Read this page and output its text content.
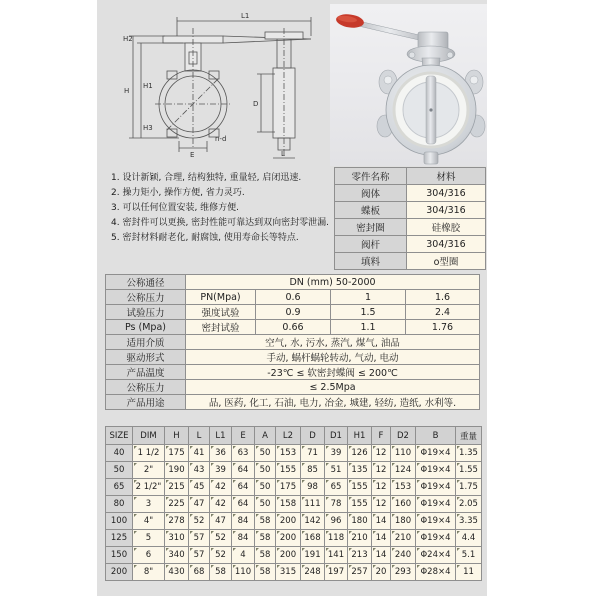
L1
H2
H1
H
H3
E
n-d
D
L
1. 设计新颖, 合理, 结构独特, 重量轻, 启闭迅速.
2. 操力矩小, 操作方便, 省力灵巧.
3. 可以任何位置安装, 维修方便.
4. 密封件可以更换, 密封性能可靠达到双向密封零泄漏.
5. 密封材料耐老化, 耐腐蚀, 使用寿命长等特点.
零件名称	材料
阀体	304/316
蝶板	304/316
密封圈	硅橡胶
阀杆	304/316
填料	o型圈
公称通径	DN (mm) 50-2000			
公称压力	PN(Mpa)	0.6	1	1.6
试验压力	强度试验	0.9	1.5	2.4
Ps (Mpa)	密封试验	0.66	1.1	1.76
适用介质	空气, 水, 污水, 蒸汽, 煤气, 油品			
驱动形式	手动, 蜗杆蜗轮转动, 气动, 电动			
产品温度	-23℃ ≤ 软密封蝶阀 ≤ 200℃			
公称压力	≤ 2.5Mpa			
产品用途	品, 医药, 化工, 石油, 电力, 冶金, 城建, 轻纺, 造纸, 水利等.			
SIZE	DIM	H	L	L1	E	A	L2	D	D1	H1	F	D2	B	重量
40	1 1/2	175	41	36	63	50	153	71	39	126	12	110	Φ19×4	1.35
50	2"	190	43	39	64	50	155	85	51	135	12	124	Φ19×4	1.55
65	2 1/2"	215	45	42	64	50	175	98	65	155	12	153	Φ19×4	1.75
80	3	225	47	42	64	50	158	111	78	155	12	160	Φ19×4	2.05
100	4"	278	52	47	84	58	200	142	96	180	14	180	Φ19×4	3.35
125	5	310	57	52	84	58	200	168	118	210	14	210	Φ19×4	4.4
150	6	340	57	52	4	58	200	191	141	213	14	240	Φ24×4	5.1
200	8"	430	68	58	110	58	315	248	197	257	20	293	Φ28×4	11
